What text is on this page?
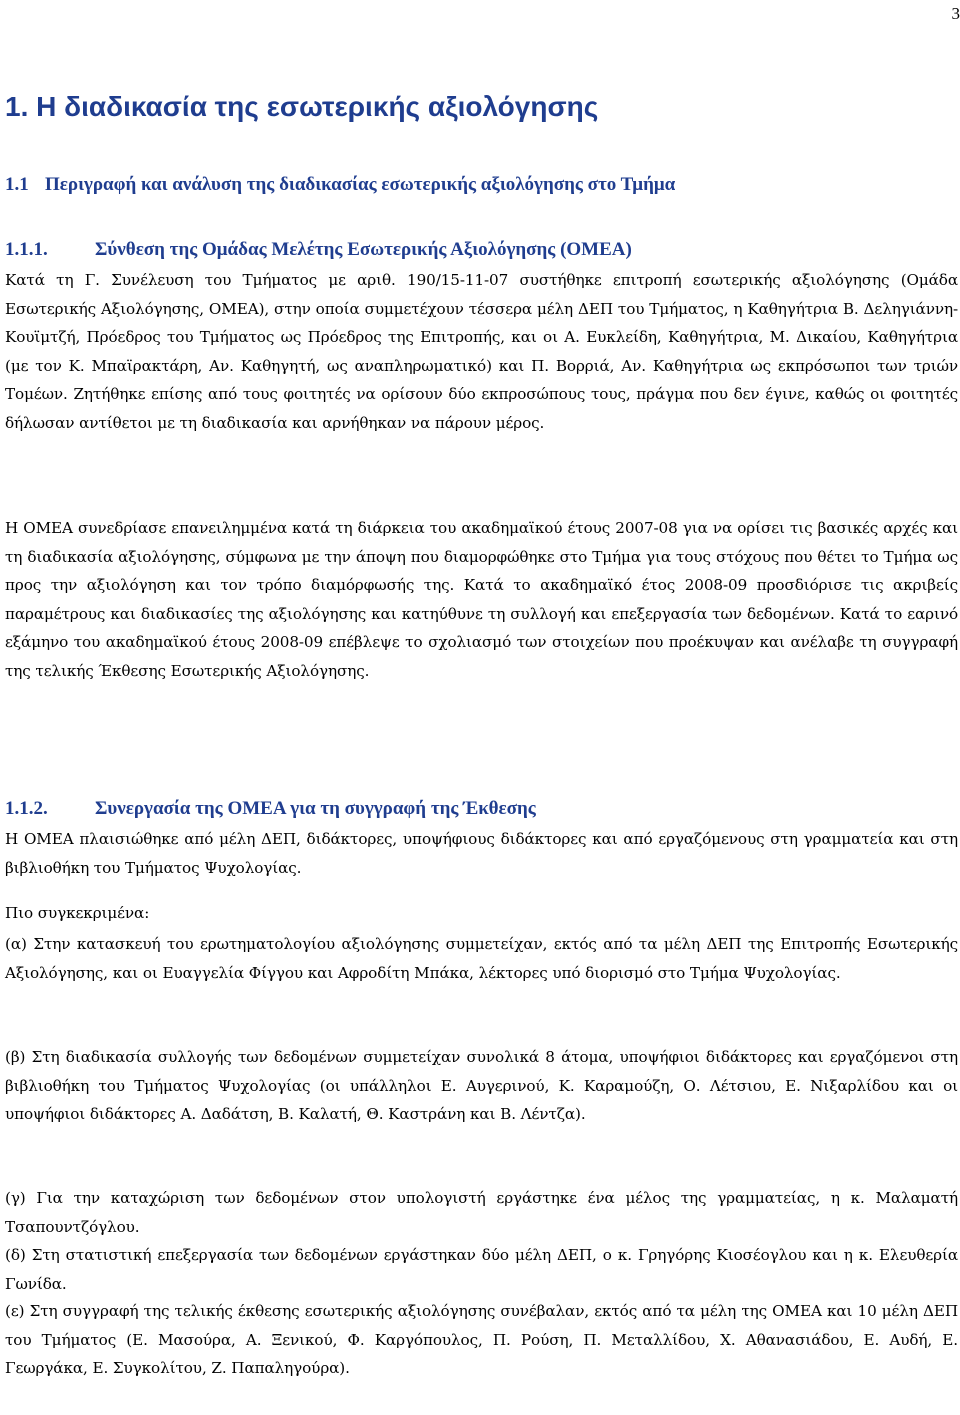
3
1. Η διαδικασία της εσωτερικής αξιολόγησης
1.1 Περιγραφή και ανάλυση της διαδικασίας εσωτερικής αξιολόγησης στο Τμήμα
1.1.1. Σύνθεση της Ομάδας Μελέτης Εσωτερικής Αξιολόγησης (ΟΜΕΑ)

Κατά τη Γ. Συνέλευση του Τμήματος με αριθ. 190/15-11-07 συστήθηκε επιτροπή εσωτερικής αξιολόγησης (Ομάδα Εσωτερικής Αξιολόγησης, ΟΜΕΑ), στην οποία συμμετέχουν τέσσερα μέλη ΔΕΠ του Τμήματος, η Καθηγήτρια Β. Δεληγιάννη-Κουϊμτζή, Πρόεδρος του Τμήματος ως Πρόεδρος της Επιτροπής, και οι Α. Ευκλείδη, Καθηγήτρια, Μ. Δικαίου, Καθηγήτρια (με τον Κ. Μπαϊρακτάρη, Αν. Καθηγητή, ως αναπληρωματικό) και Π. Βορριά, Αν. Καθηγήτρια ως εκπρόσωποι των τριών Τομέων. Ζητήθηκε επίσης από τους φοιτητές να ορίσουν δύο εκπροσώπους τους, πράγμα που δεν έγινε, καθώς οι φοιτητές δήλωσαν αντίθετοι με τη διαδικασία και αρνήθηκαν να πάρουν μέρος.

Η ΟΜΕΑ συνεδρίασε επανειλημμένα κατά τη διάρκεια του ακαδημαϊκού έτους 2007-08 για να ορίσει τις βασικές αρχές και τη διαδικασία αξιολόγησης, σύμφωνα με την άποψη που διαμορφώθηκε στο Τμήμα για τους στόχους που θέτει το Τμήμα ως προς την αξιολόγηση και τον τρόπο διαμόρφωσής της. Κατά το ακαδημαϊκό έτος 2008-09 προσδιόρισε τις ακριβείς παραμέτρους και διαδικασίες της αξιολόγησης και κατηύθυνε τη συλλογή και επεξεργασία των δεδομένων. Κατά το εαρινό εξάμηνο του ακαδημαϊκού έτους 2008-09 επέβλεψε το σχολιασμό των στοιχείων που προέκυψαν και ανέλαβε τη συγγραφή της τελικής Έκθεσης Εσωτερικής Αξιολόγησης.

1.1.2. Συνεργασία της ΟΜΕΑ για τη συγγραφή της Έκθεσης

Η ΟΜΕΑ πλαισιώθηκε από μέλη ΔΕΠ, διδάκτορες, υποψήφιους διδάκτορες και από εργαζόμενους στη γραμματεία και στη βιβλιοθήκη του Τμήματος Ψυχολογίας.

Πιο συγκεκριμένα:

(α) Στην κατασκευή του ερωτηματολογίου αξιολόγησης συμμετείχαν, εκτός από τα μέλη ΔΕΠ της Επιτροπής Εσωτερικής Αξιολόγησης, και οι Ευαγγελία Φίγγου και Αφροδίτη Μπάκα, λέκτορες υπό διορισμό στο Τμήμα Ψυχολογίας.

(β) Στη διαδικασία συλλογής των δεδομένων συμμετείχαν συνολικά 8 άτομα, υποψήφιοι διδάκτορες και εργαζόμενοι στη βιβλιοθήκη του Τμήματος Ψυχολογίας (οι υπάλληλοι Ε. Αυγερινού, Κ. Καραμούζη, Ο. Λέτσιου, Ε. Νιξαρλίδου και οι υποψήφιοι διδάκτορες Α. Δαδάτση, Β. Καλατή, Θ. Καστράνη και Β. Λέντζα).

(γ) Για την καταχώριση των δεδομένων στον υπολογιστή εργάστηκε ένα μέλος της γραμματείας, η κ. Μαλαματή Τσαπουντζόγλου.

(δ) Στη στατιστική επεξεργασία των δεδομένων εργάστηκαν δύο μέλη ΔΕΠ, ο κ. Γρηγόρης Κιοσέογλου και η κ. Ελευθερία Γωνίδα.

(ε) Στη συγγραφή της τελικής έκθεσης εσωτερικής αξιολόγησης συνέβαλαν, εκτός από τα μέλη της ΟΜΕΑ και 10 μέλη ΔΕΠ του Τμήματος (Ε. Μασούρα, Α. Ξενικού, Φ. Καργόπουλος, Π. Ρούση, Π. Μεταλλίδου, Χ. Αθανασιάδου, Ε. Αυδή, Ε. Γεωργάκα, Ε. Συγκολίτου, Ζ. Παπαληγούρα).
